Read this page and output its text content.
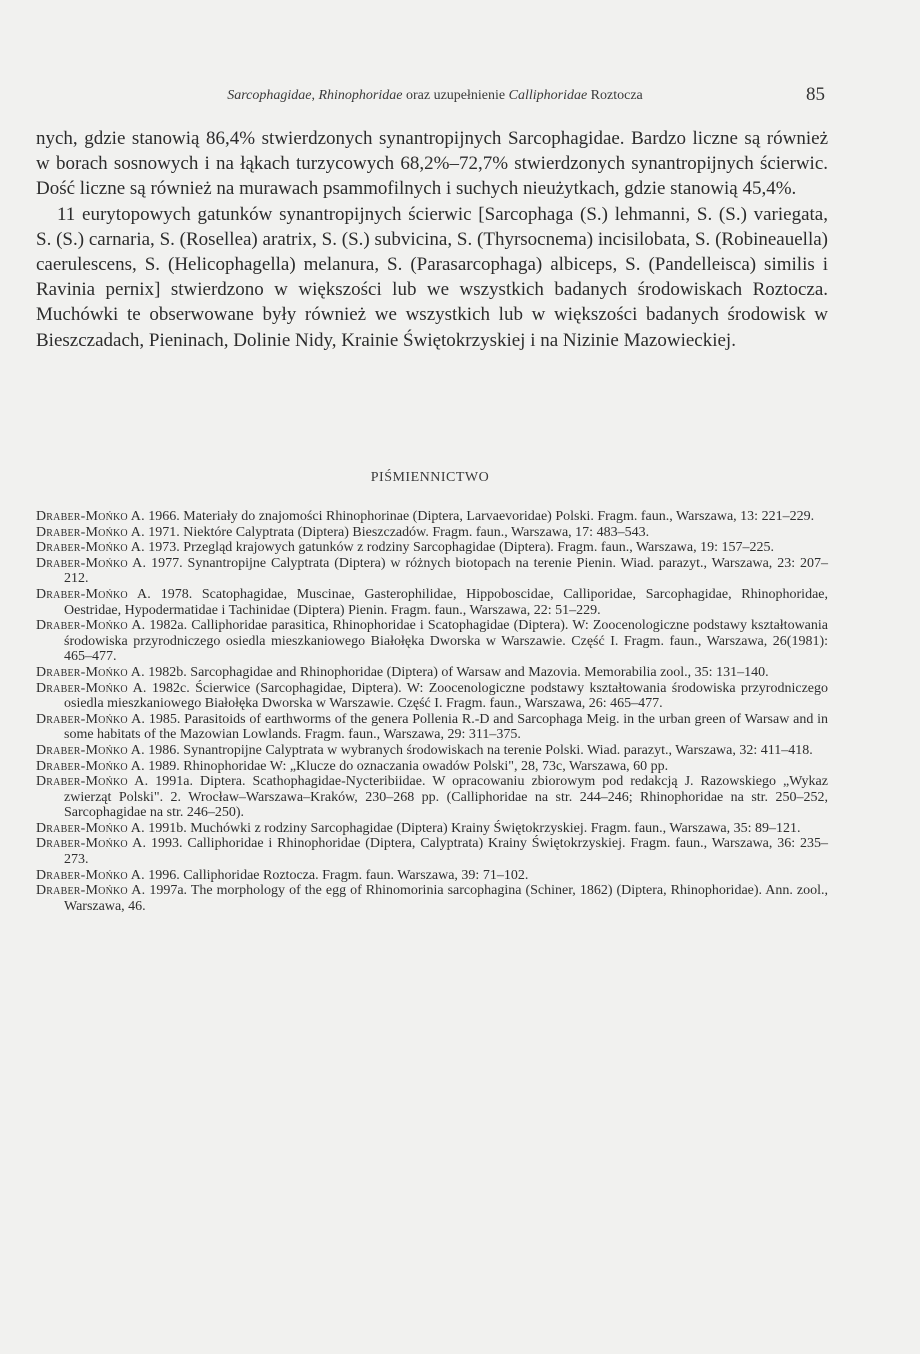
Sarcophagidae, Rhinophoridae oraz uzupełnienie Calliphoridae Roztocza	85

nych, gdzie stanowią 86,4% stwierdzonych synantropijnych Sarcophagidae. Bardzo liczne są również w borach sosnowych i na łąkach turzycowych 68,2%–72,7% stwierdzonych synantropijnych ścierwic. Dość liczne są również na murawach psammofilnych i suchych nieużytkach, gdzie stanowią 45,4%.

11 eurytopowych gatunków synantropijnych ścierwic [Sarcophaga (S.) lehmanni, S. (S.) variegata, S. (S.) carnaria, S. (Rosellea) aratrix, S. (S.) subvicina, S. (Thyrsocnema) incisilobata, S. (Robineauella) caerulescens, S. (Helicophagella) melanura, S. (Parasarcophaga) albiceps, S. (Pandelleisca) similis i Ravinia pernix] stwierdzono w większości lub we wszystkich badanych środowiskach Roztocza. Muchówki te obserwowane były również we wszystkich lub w większości badanych środowisk w Bieszczadach, Pieninach, Dolinie Nidy, Krainie Świętokrzyskiej i na Nizinie Mazowieckiej.

PIŚMIENNICTWO
Draber-Mońko A. 1966. Materiały do znajomości Rhinophorinae (Diptera, Larvaevoridae) Polski. Fragm. faun., Warszawa, 13: 221–229.
Draber-Mońko A. 1971. Niektóre Calyptrata (Diptera) Bieszczadów. Fragm. faun., Warszawa, 17: 483–543.
Draber-Mońko A. 1973. Przegląd krajowych gatunków z rodziny Sarcophagidae (Diptera). Fragm. faun., Warszawa, 19: 157–225.
Draber-Mońko A. 1977. Synantropijne Calyptrata (Diptera) w różnych biotopach na terenie Pienin. Wiad. parazyt., Warszawa, 23: 207–212.
Draber-Mońko A. 1978. Scatophagidae, Muscinae, Gasterophilidae, Hippoboscidae, Calliporidae, Sarcophagidae, Rhinophoridae, Oestridae, Hypodermatidae i Tachinidae (Diptera) Pienin. Fragm. faun., Warszawa, 22: 51–229.
Draber-Mońko A. 1982a. Calliphoridae parasitica, Rhinophoridae i Scatophagidae (Diptera). W: Zoocenologiczne podstawy kształtowania środowiska przyrodniczego osiedla mieszkaniowego Białołęka Dworska w Warszawie. Część I. Fragm. faun., Warszawa, 26(1981): 465–477.
Draber-Mońko A. 1982b. Sarcophagidae and Rhinophoridae (Diptera) of Warsaw and Mazovia. Memorabilia zool., 35: 131–140.
Draber-Mońko A. 1982c. Ścierwice (Sarcophagidae, Diptera). W: Zoocenologiczne podstawy kształtowania środowiska przyrodniczego osiedla mieszkaniowego Białołęka Dworska w Warszawie. Część I. Fragm. faun., Warszawa, 26: 465–477.
Draber-Mońko A. 1985. Parasitoids of earthworms of the genera Pollenia R.-D and Sarcophaga Meig. in the urban green of Warsaw and in some habitats of the Mazowian Lowlands. Fragm. faun., Warszawa, 29: 311–375.
Draber-Mońko A. 1986. Synantropijne Calyptrata w wybranych środowiskach na terenie Polski. Wiad. parazyt., Warszawa, 32: 411–418.
Draber-Mońko A. 1989. Rhinophoridae W: „Klucze do oznaczania owadów Polski", 28, 73c, Warszawa, 60 pp.
Draber-Mońko A. 1991a. Diptera. Scathophagidae-Nycteribiidae. W opracowaniu zbiorowym pod redakcją J. Razowskiego „Wykaz zwierząt Polski". 2. Wrocław–Warszawa–Kraków, 230–268 pp. (Calliphoridae na str. 244–246; Rhinophoridae na str. 250–252, Sarcophagidae na str. 246–250).
Draber-Mońko A. 1991b. Muchówki z rodziny Sarcophagidae (Diptera) Krainy Świętokrzyskiej. Fragm. faun., Warszawa, 35: 89–121.
Draber-Mońko A. 1993. Calliphoridae i Rhinophoridae (Diptera, Calyptrata) Krainy Świętokrzyskiej. Fragm. faun., Warszawa, 36: 235–273.
Draber-Mońko A. 1996. Calliphoridae Roztocza. Fragm. faun. Warszawa, 39: 71–102.
Draber-Mońko A. 1997a. The morphology of the egg of Rhinomorinia sarcophagina (Schiner, 1862) (Diptera, Rhinophoridae). Ann. zool., Warszawa, 46.
